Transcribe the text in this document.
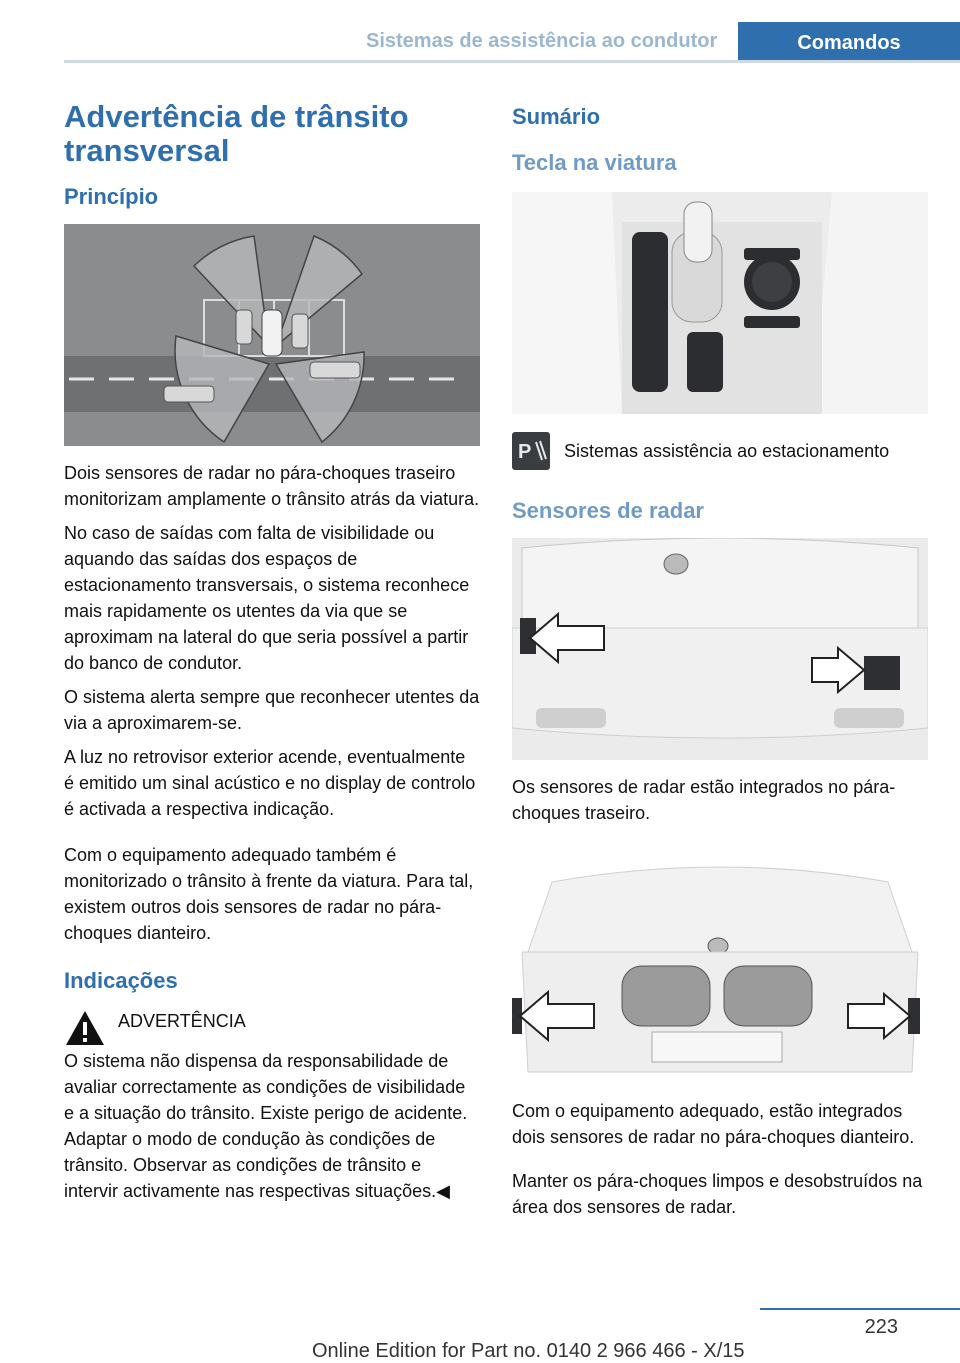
Sistemas de assistência ao condutor	Comandos
Advertência de trânsito transversal
Princípio

Dois sensores de radar no pára-choques traseiro monitorizam amplamente o trânsito atrás da viatura.

No caso de saídas com falta de visibilidade ou aquando das saídas dos espaços de estacionamento transversais, o sistema reconhece mais rapidamente os utentes da via que se aproximam na lateral do que seria possível a partir do banco de condutor.

O sistema alerta sempre que reconhecer utentes da via a aproximarem-se.

A luz no retrovisor exterior acende, eventualmente é emitido um sinal acústico e no display de controlo é activada a respectiva indicação.

Com o equipamento adequado também é monitorizado o trânsito à frente da viatura. Para tal, existem outros dois sensores de radar no pára-choques dianteiro.

Indicações
ADVERTÊNCIA

O sistema não dispensa da responsabilidade de avaliar correctamente as condições de visibilidade e a situação do trânsito. Existe perigo de acidente. Adaptar o modo de condução às condições de trânsito. Observar as condições de trânsito e intervir activamente nas respectivas situações.◀

Sumário
Tecla na viatura
P Sistemas assistência ao estacionamento
Sensores de radar

Os sensores de radar estão integrados no pára-choques traseiro.

Com o equipamento adequado, estão integrados dois sensores de radar no pára-choques dianteiro.

Manter os pára-choques limpos e desobstruídos na área dos sensores de radar.

223
Online Edition for Part no. 0140 2 966 466 - X/15
